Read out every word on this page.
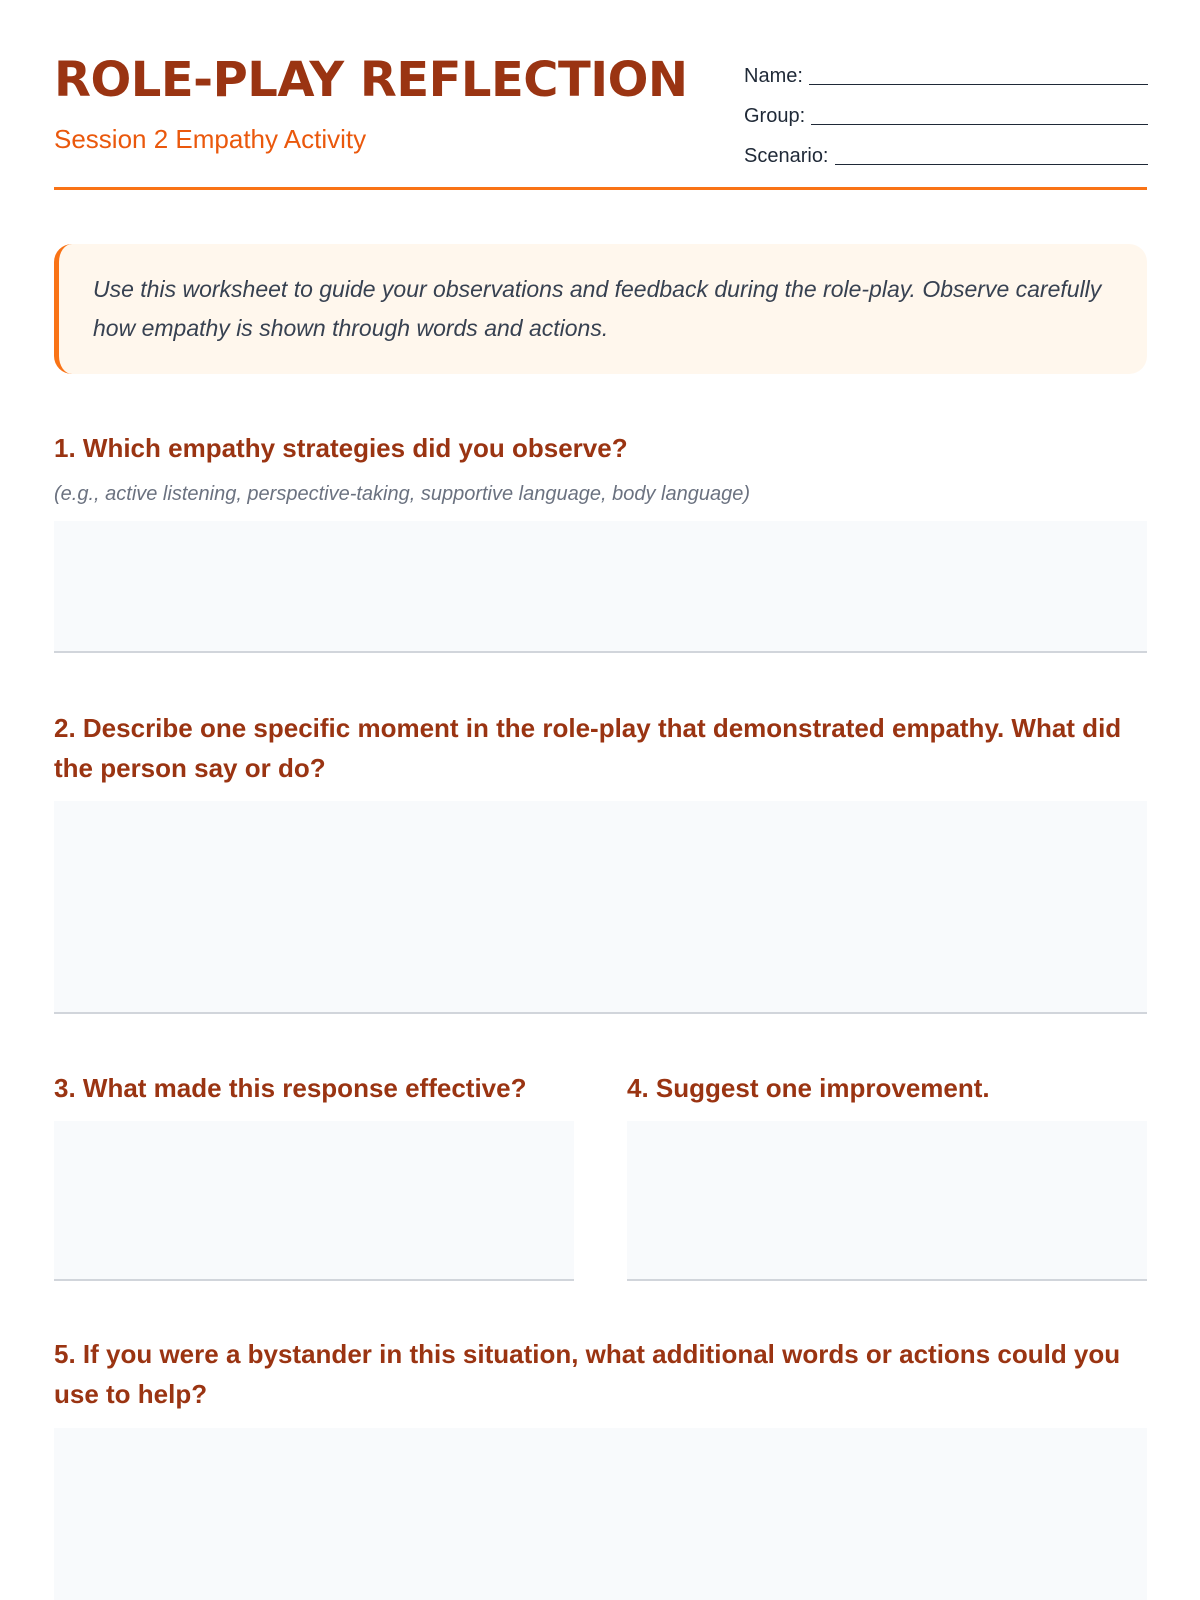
ROLE-PLAY REFLECTION
Session 2 Empathy Activity
Name:
Group:
Scenario:
Use this worksheet to guide your observations and feedback during the role-play. Observe carefully how empathy is shown through words and actions.
1. Which empathy strategies did you observe?
(e.g., active listening, perspective-taking, supportive language, body language)
2. Describe one specific moment in the role-play that demonstrated empathy. What did the person say or do?
3. What made this response effective?	4. Suggest one improvement.
5. If you were a bystander in this situation, what additional words or actions could you use to help?
